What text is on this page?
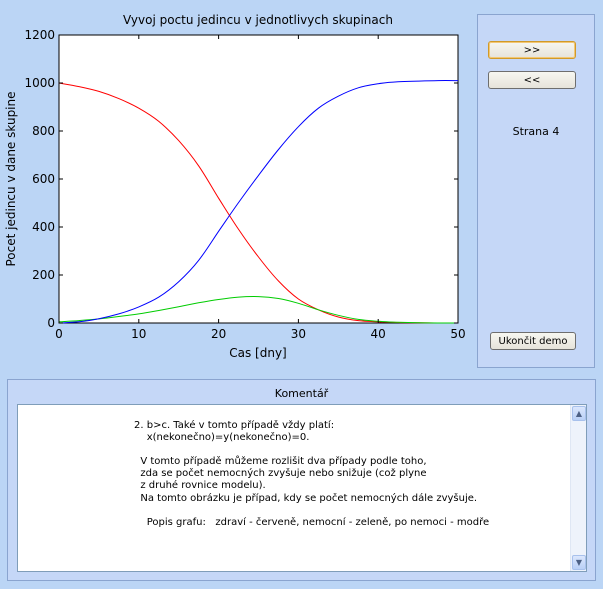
Vyvoj poctu jedincu v jednotlivych skupinach
0
200
400
600
800
1000
1200
0	10	20	30	40	50
Cas [dny]
Pocet jedincu v dane skupine
>>
<<
Strana 4
Ukončit demo
Komentář
2. b>c. Také v tomto případě vždy platí:
x(nekonečno)=y(nekonečno)=0.

V tomto případě můžeme rozlišit dva případy podle toho,
zda se počet nemocných zvyšuje nebo snižuje (což plyne
z druhé rovnice modelu).
Na tomto obrázku je případ, kdy se počet nemocných dále zvyšuje.

Popis grafu:   zdraví - červeně, nemocní - zeleně, po nemoci - modře
▲
▼
